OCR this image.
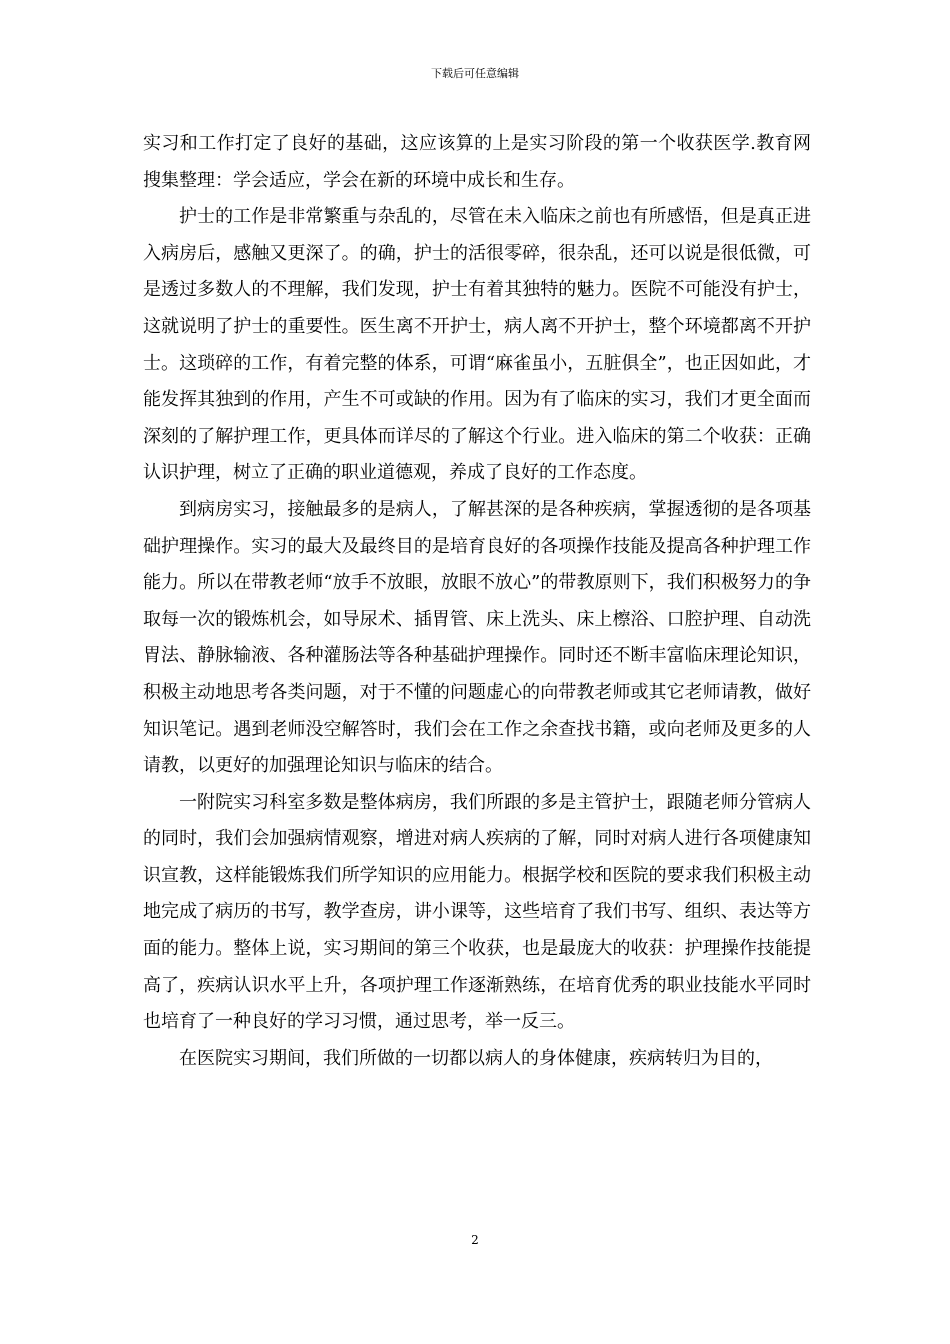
下载后可任意编辑

实习和工作打定了良好的基础，这应该算的上是实习阶段的第一个收获医学.教育网搜集整理：学会适应，学会在新的环境中成长和生存。

护士的工作是非常繁重与杂乱的，尽管在未入临床之前也有所感悟，但是真正进入病房后，感触又更深了。的确，护士的活很零碎，很杂乱，还可以说是很低微，可是透过多数人的不理解，我们发现，护士有着其独特的魅力。医院不可能没有护士，这就说明了护士的重要性。医生离不开护士，病人离不开护士，整个环境都离不开护士。这琐碎的工作，有着完整的体系，可谓“麻雀虽小，五脏俱全”，也正因如此，才能发挥其独到的作用，产生不可或缺的作用。因为有了临床的实习，我们才更全面而深刻的了解护理工作，更具体而详尽的了解这个行业。进入临床的第二个收获：正确认识护理，树立了正确的职业道德观，养成了良好的工作态度。

到病房实习，接触最多的是病人，了解甚深的是各种疾病，掌握透彻的是各项基础护理操作。实习的最大及最终目的是培育良好的各项操作技能及提高各种护理工作能力。所以在带教老师“放手不放眼，放眼不放心”的带教原则下，我们积极努力的争取每一次的锻炼机会，如导尿术、插胃管、床上洗头、床上檫浴、口腔护理、自动洗胃法、静脉输液、各种灌肠法等各种基础护理操作。同时还不断丰富临床理论知识，积极主动地思考各类问题，对于不懂的问题虚心的向带教老师或其它老师请教，做好知识笔记。遇到老师没空解答时，我们会在工作之余查找书籍，或向老师及更多的人请教，以更好的加强理论知识与临床的结合。

一附院实习科室多数是整体病房，我们所跟的多是主管护士，跟随老师分管病人的同时，我们会加强病情观察，增进对病人疾病的了解，同时对病人进行各项健康知识宣教，这样能锻炼我们所学知识的应用能力。根据学校和医院的要求我们积极主动地完成了病历的书写，教学查房，讲小课等，这些培育了我们书写、组织、表达等方面的能力。整体上说，实习期间的第三个收获，也是最庞大的收获：护理操作技能提高了，疾病认识水平上升，各项护理工作逐渐熟练，在培育优秀的职业技能水平同时也培育了一种良好的学习习惯，通过思考，举一反三。

在医院实习期间，我们所做的一切都以病人的身体健康，疾病转归为目的，

2
